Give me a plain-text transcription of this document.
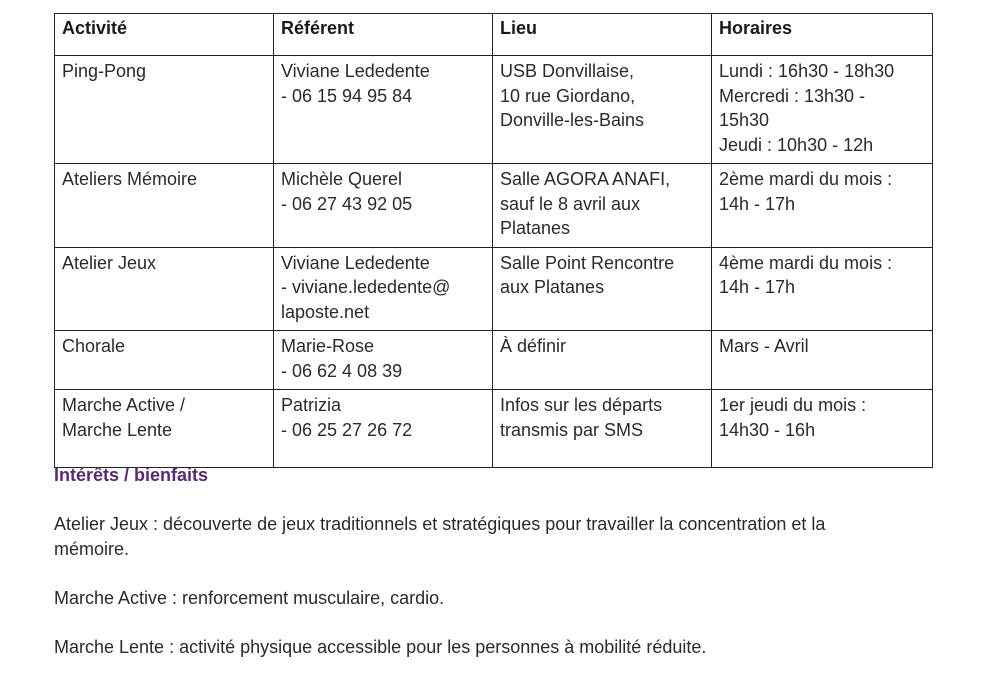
Activité	Référent	Lieu	Horaires

Ping-Pong	Viviane Lededente
- 06 15 94 95 84	USB Donvillaise,
10 rue Giordano,
Donville-les-Bains	Lundi : 16h30 - 18h30
Mercredi : 13h30 -
15h30
Jeudi : 10h30 - 12h

Ateliers Mémoire	Michèle Querel
- 06 27 43 92 05	Salle AGORA ANAFI,
sauf le 8 avril aux
Platanes	2ème mardi du mois :
14h - 17h

Atelier Jeux	Viviane Lededente
- viviane.lededente@
laposte.net	Salle Point Rencontre
aux Platanes	4ème mardi du mois :
14h - 17h

Chorale	Marie-Rose
- 06 62 4 08 39	À définir	Mars - Avril

Marche Active /
Marche Lente	Patrizia
- 06 25 27 26 72	Infos sur les départs
transmis par SMS	1er jeudi du mois :
14h30 - 16h
Intérêts / bienfaits

Atelier Jeux : découverte de jeux traditionnels et stratégiques pour travailler la concentration et la
mémoire.

Marche Active : renforcement musculaire, cardio.

Marche Lente : activité physique accessible pour les personnes à mobilité réduite.
